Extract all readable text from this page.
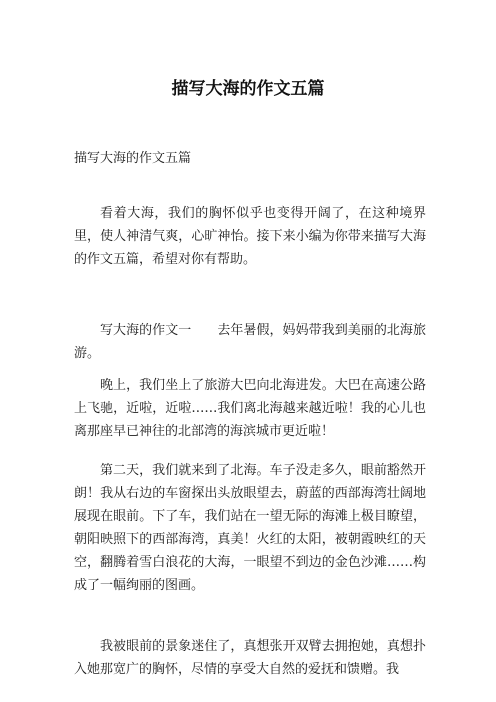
描写大海的作文五篇

描写大海的作文五篇

看着大海，我们的胸怀似乎也变得开阔了，在这种境界里，使人神清气爽，心旷神怡。接下来小编为你带来描写大海的作文五篇，希望对你有帮助。

写大海的作文一 去年暑假，妈妈带我到美丽的北海旅游。

晚上，我们坐上了旅游大巴向北海进发。大巴在高速公路上飞驰，近啦，近啦……我们离北海越来越近啦！我的心儿也离那座早已神往的北部湾的海滨城市更近啦！

第二天，我们就来到了北海。车子没走多久，眼前豁然开朗！我从右边的车窗探出头放眼望去，蔚蓝的西部海湾壮阔地展现在眼前。下了车，我们站在一望无际的海滩上极目瞭望，朝阳映照下的西部海湾，真美！火红的太阳，被朝霞映红的天空，翻腾着雪白浪花的大海，一眼望不到边的金色沙滩……构成了一幅绚丽的图画。

我被眼前的景象迷住了，真想张开双臂去拥抱她，真想扑入她那宽广的胸怀，尽情的享受大自然的爱抚和馈赠。我
